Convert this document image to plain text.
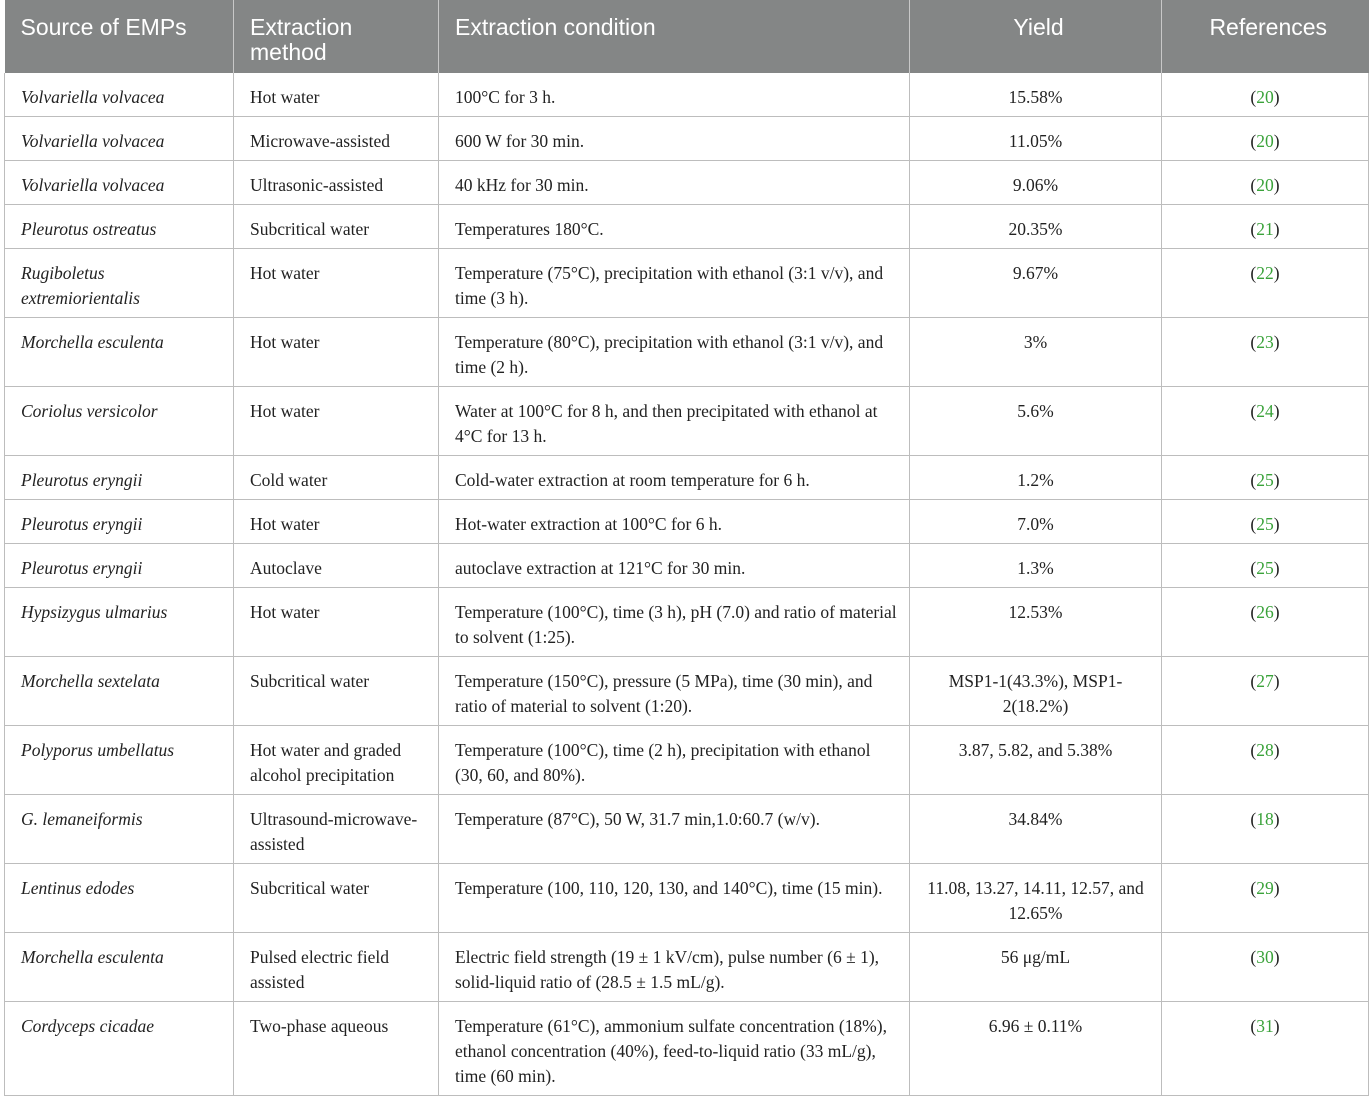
Source of EMPs	Extraction method	Extraction condition	Yield	References
Volvariella volvacea	Hot water	100°C for 3 h.	15.58%	(20)
Volvariella volvacea	Microwave-assisted	600 W for 30 min.	11.05%	(20)
Volvariella volvacea	Ultrasonic-assisted	40 kHz for 30 min.	9.06%	(20)
Pleurotus ostreatus	Subcritical water	Temperatures 180°C.	20.35%	(21)
Rugiboletus extremiorientalis	Hot water	Temperature (75°C), precipitation with ethanol (3:1 v/v), and time (3 h).	9.67%	(22)
Morchella esculenta	Hot water	Temperature (80°C), precipitation with ethanol (3:1 v/v), and time (2 h).	3%	(23)
Coriolus versicolor	Hot water	Water at 100°C for 8 h, and then precipitated with ethanol at 4°C for 13 h.	5.6%	(24)
Pleurotus eryngii	Cold water	Cold-water extraction at room temperature for 6 h.	1.2%	(25)
Pleurotus eryngii	Hot water	Hot-water extraction at 100°C for 6 h.	7.0%	(25)
Pleurotus eryngii	Autoclave	autoclave extraction at 121°C for 30 min.	1.3%	(25)
Hypsizygus ulmarius	Hot water	Temperature (100°C), time (3 h), pH (7.0) and ratio of material to solvent (1:25).	12.53%	(26)
Morchella sextelata	Subcritical water	Temperature (150°C), pressure (5 MPa), time (30 min), and ratio of material to solvent (1:20).	MSP1-1(43.3%), MSP1-2(18.2%)	(27)
Polyporus umbellatus	Hot water and graded alcohol precipitation	Temperature (100°C), time (2 h), precipitation with ethanol (30, 60, and 80%).	3.87, 5.82, and 5.38%	(28)
G. lemaneiformis	Ultrasound-microwave-assisted	Temperature (87°C), 50 W, 31.7 min,1.0:60.7 (w/v).	34.84%	(18)
Lentinus edodes	Subcritical water	Temperature (100, 110, 120, 130, and 140°C), time (15 min).	11.08, 13.27, 14.11, 12.57, and 12.65%	(29)
Morchella esculenta	Pulsed electric field assisted	Electric field strength (19 ± 1 kV/cm), pulse number (6 ± 1), solid-liquid ratio of (28.5 ± 1.5 mL/g).	56 μg/mL	(30)
Cordyceps cicadae	Two-phase aqueous	Temperature (61°C), ammonium sulfate concentration (18%), ethanol concentration (40%), feed-to-liquid ratio (33 mL/g), time (60 min).	6.96 ± 0.11%	(31)
